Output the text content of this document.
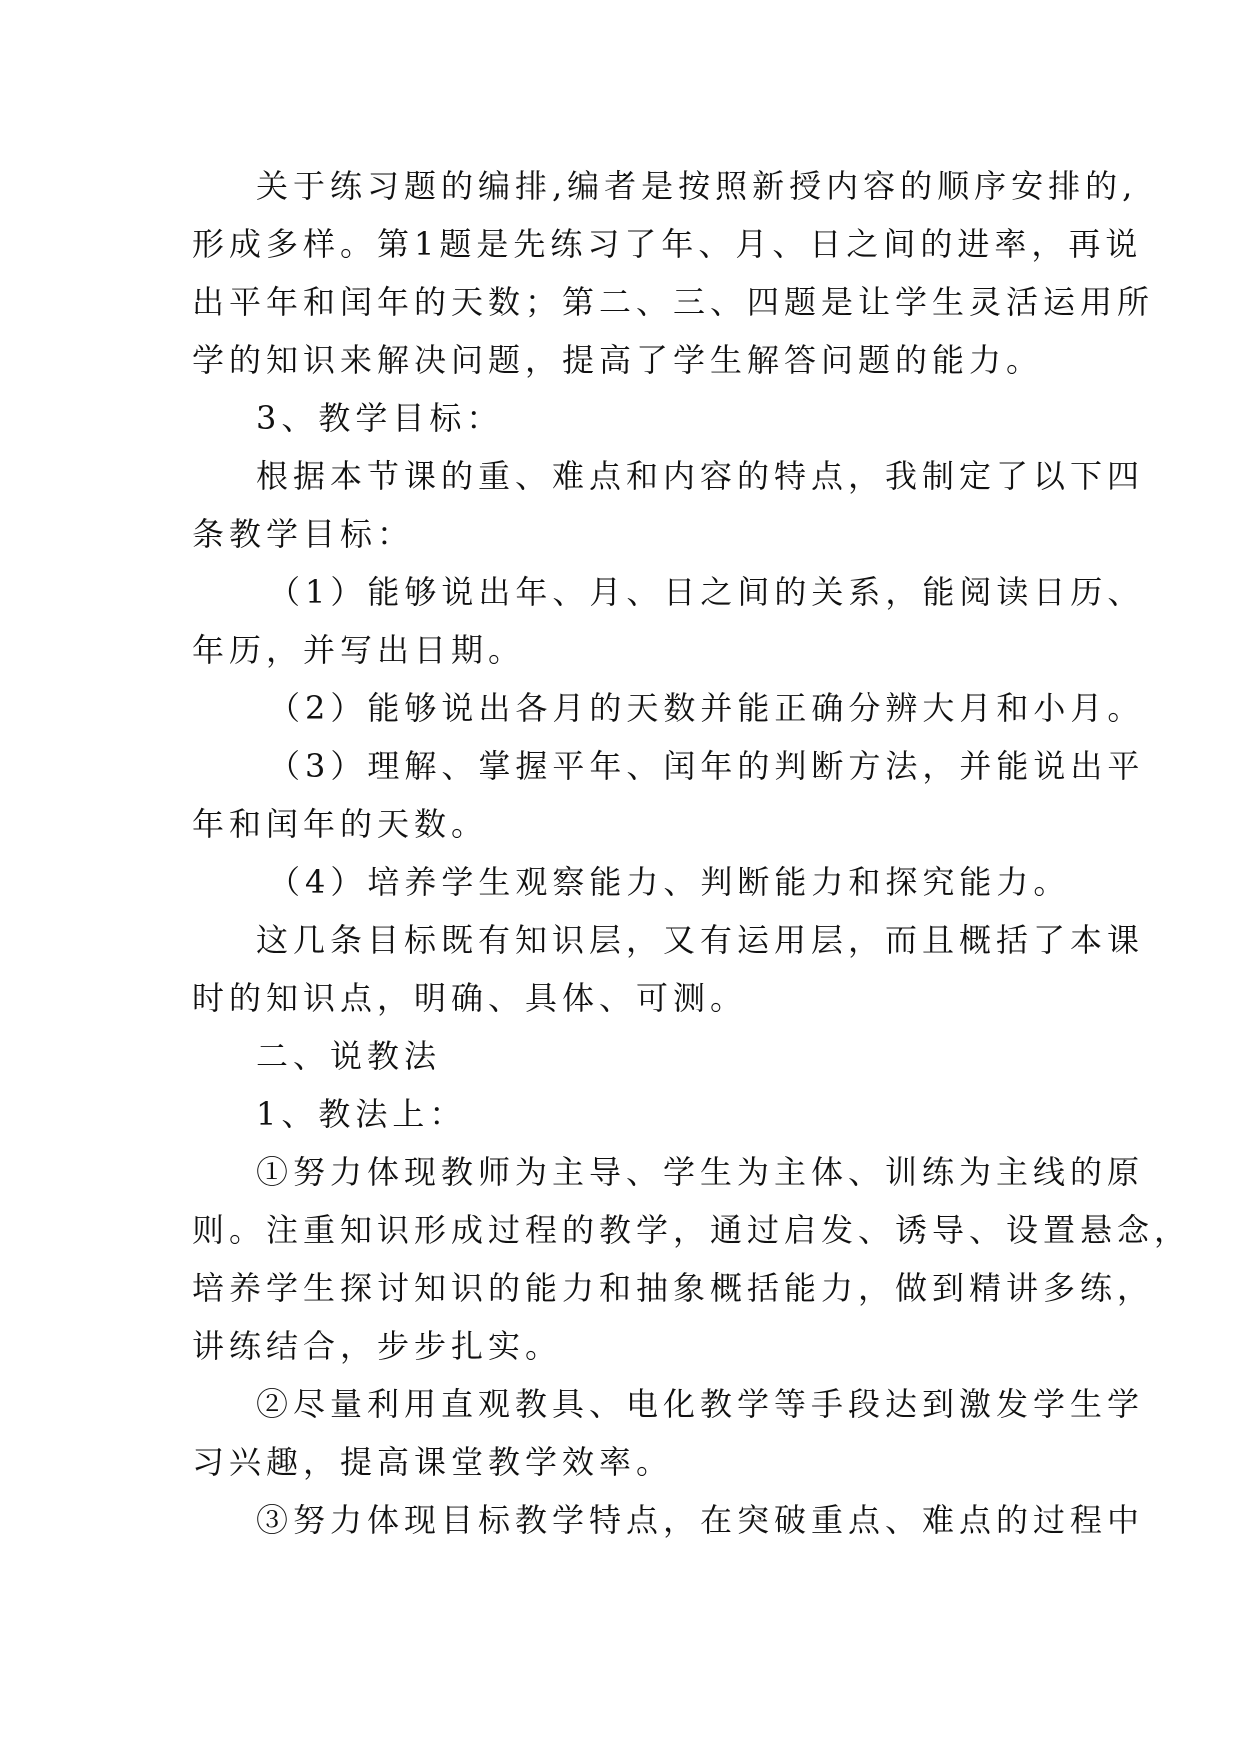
关于练习题的编排,编者是按照新授内容的顺序安排的,
形成多样。第1题是先练习了年、月、日之间的进率，再说
出平年和闰年的天数；第二、三、四题是让学生灵活运用所
学的知识来解决问题，提高了学生解答问题的能力。
3、教学目标：
根据本节课的重、难点和内容的特点，我制定了以下四
条教学目标：
（1）能够说出年、月、日之间的关系，能阅读日历、
年历，并写出日期。
（2）能够说出各月的天数并能正确分辨大月和小月。
（3）理解、掌握平年、闰年的判断方法，并能说出平
年和闰年的天数。
（4）培养学生观察能力、判断能力和探究能力。
这几条目标既有知识层，又有运用层，而且概括了本课
时的知识点，明确、具体、可测。
二、说教法
1、教法上：
①努力体现教师为主导、学生为主体、训练为主线的原
则。注重知识形成过程的教学，通过启发、诱导、设置悬念，
培养学生探讨知识的能力和抽象概括能力，做到精讲多练，
讲练结合，步步扎实。
②尽量利用直观教具、电化教学等手段达到激发学生学
习兴趣，提高课堂教学效率。
③努力体现目标教学特点，在突破重点、难点的过程中
